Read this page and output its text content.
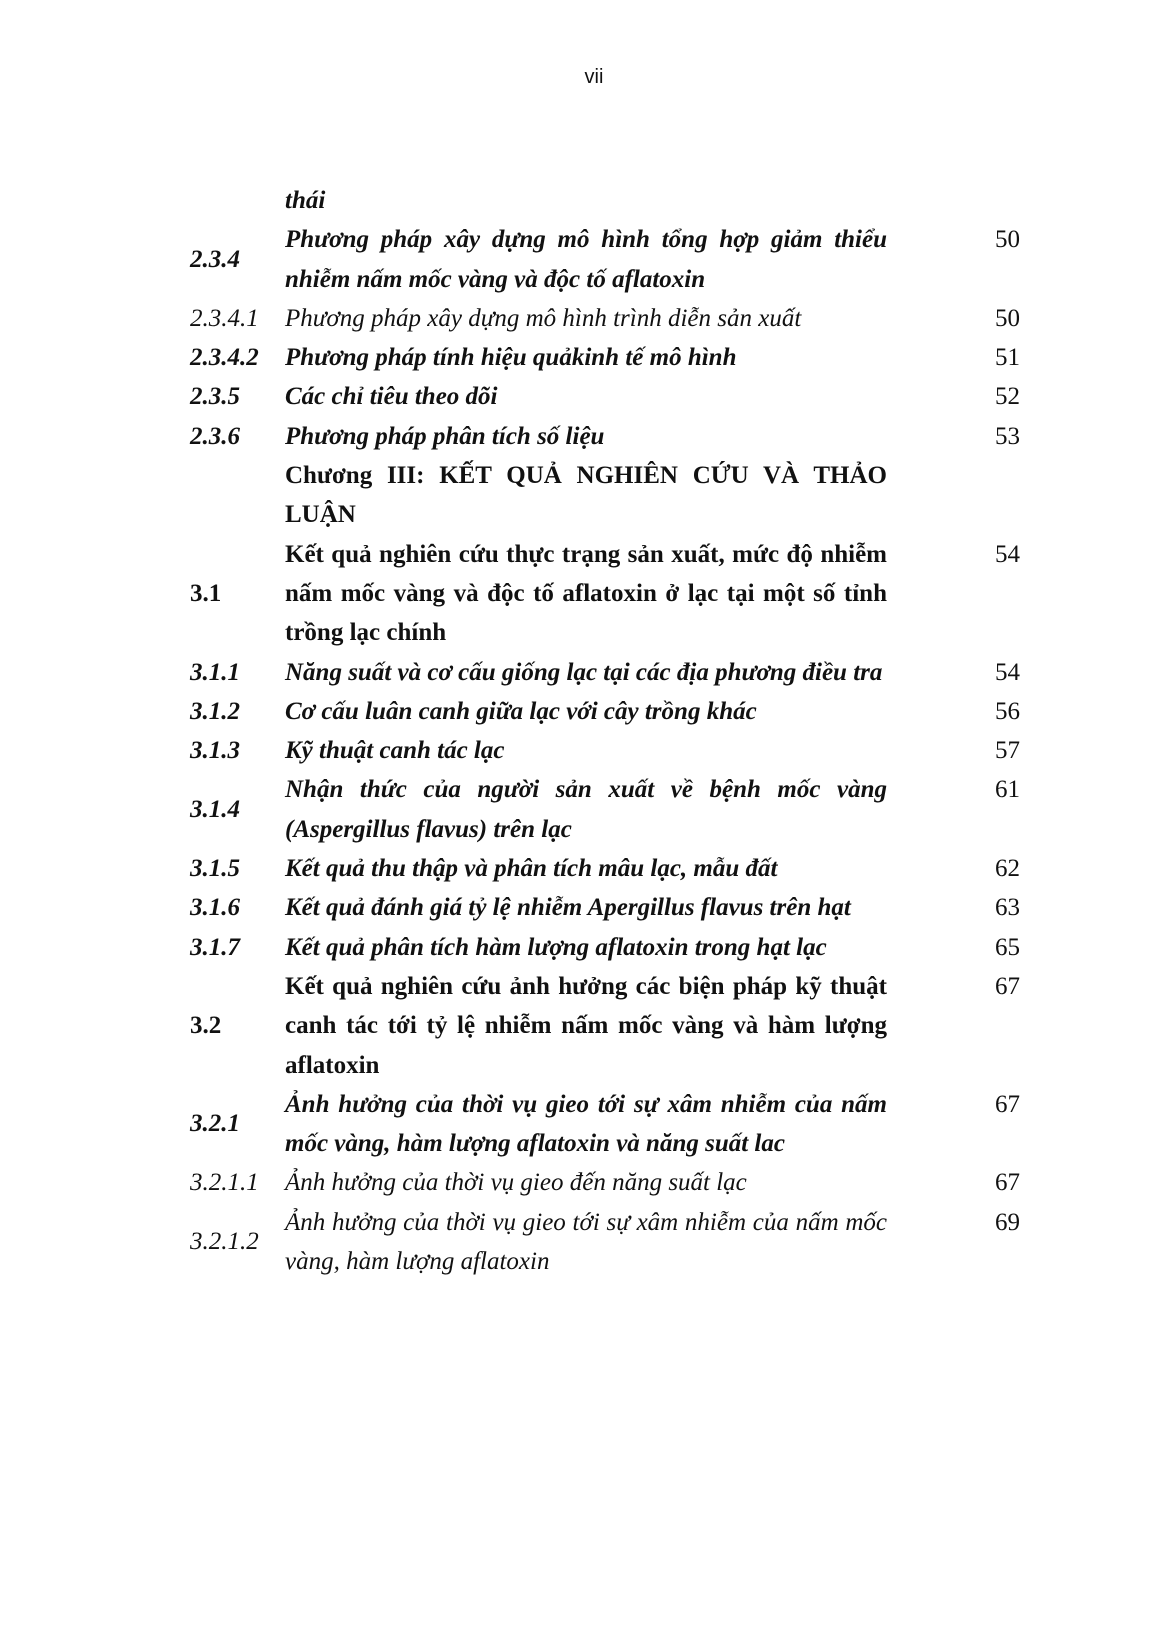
vii
	thái	
2.3.4	Phương pháp xây dựng mô hình tổng hợp giảm thiểu nhiễm nấm mốc vàng và độc tố aflatoxin	50
2.3.4.1	Phương pháp xây dựng mô hình trình diễn sản xuất	50
2.3.4.2	Phương pháp tính hiệu quảkinh tế mô hình	51
2.3.5	Các chỉ tiêu theo dõi	52
2.3.6	Phương pháp phân tích số liệu	53
	Chương III: KẾT QUẢ NGHIÊN CỨU VÀ THẢO LUẬN	
3.1	Kết quả nghiên cứu thực trạng sản xuất, mức độ nhiễm nấm mốc vàng và độc tố aflatoxin ở lạc tại một số tỉnh trồng lạc chính	54
3.1.1	Năng suất và cơ cấu giống lạc tại các địa phương điều tra	54
3.1.2	Cơ cấu luân canh giữa lạc với cây trồng khác	56
3.1.3	Kỹ thuật canh tác lạc	57
3.1.4	Nhận thức của người sản xuất về bệnh mốc vàng (Aspergillus flavus) trên lạc	61
3.1.5	Kết quả thu thập và phân tích mâu lạc, mẫu đất	62
3.1.6	Kết quả đánh giá tỷ lệ nhiễm Apergillus flavus trên hạt	63
3.1.7	Kết quả phân tích hàm lượng aflatoxin trong hạt lạc	65
3.2	Kết quả nghiên cứu ảnh hưởng các biện pháp kỹ thuật canh tác tới tỷ lệ nhiễm nấm mốc vàng và hàm lượng aflatoxin	67
3.2.1	Ảnh hưởng của thời vụ gieo tới sự xâm nhiễm của nấm mốc vàng, hàm lượng aflatoxin và năng suất lac	67
3.2.1.1	Ảnh hưởng của thời vụ gieo đến năng suất lạc	67
3.2.1.2	Ảnh hưởng của thời vụ gieo tới sự xâm nhiễm của nấm mốc vàng, hàm lượng aflatoxin	69
